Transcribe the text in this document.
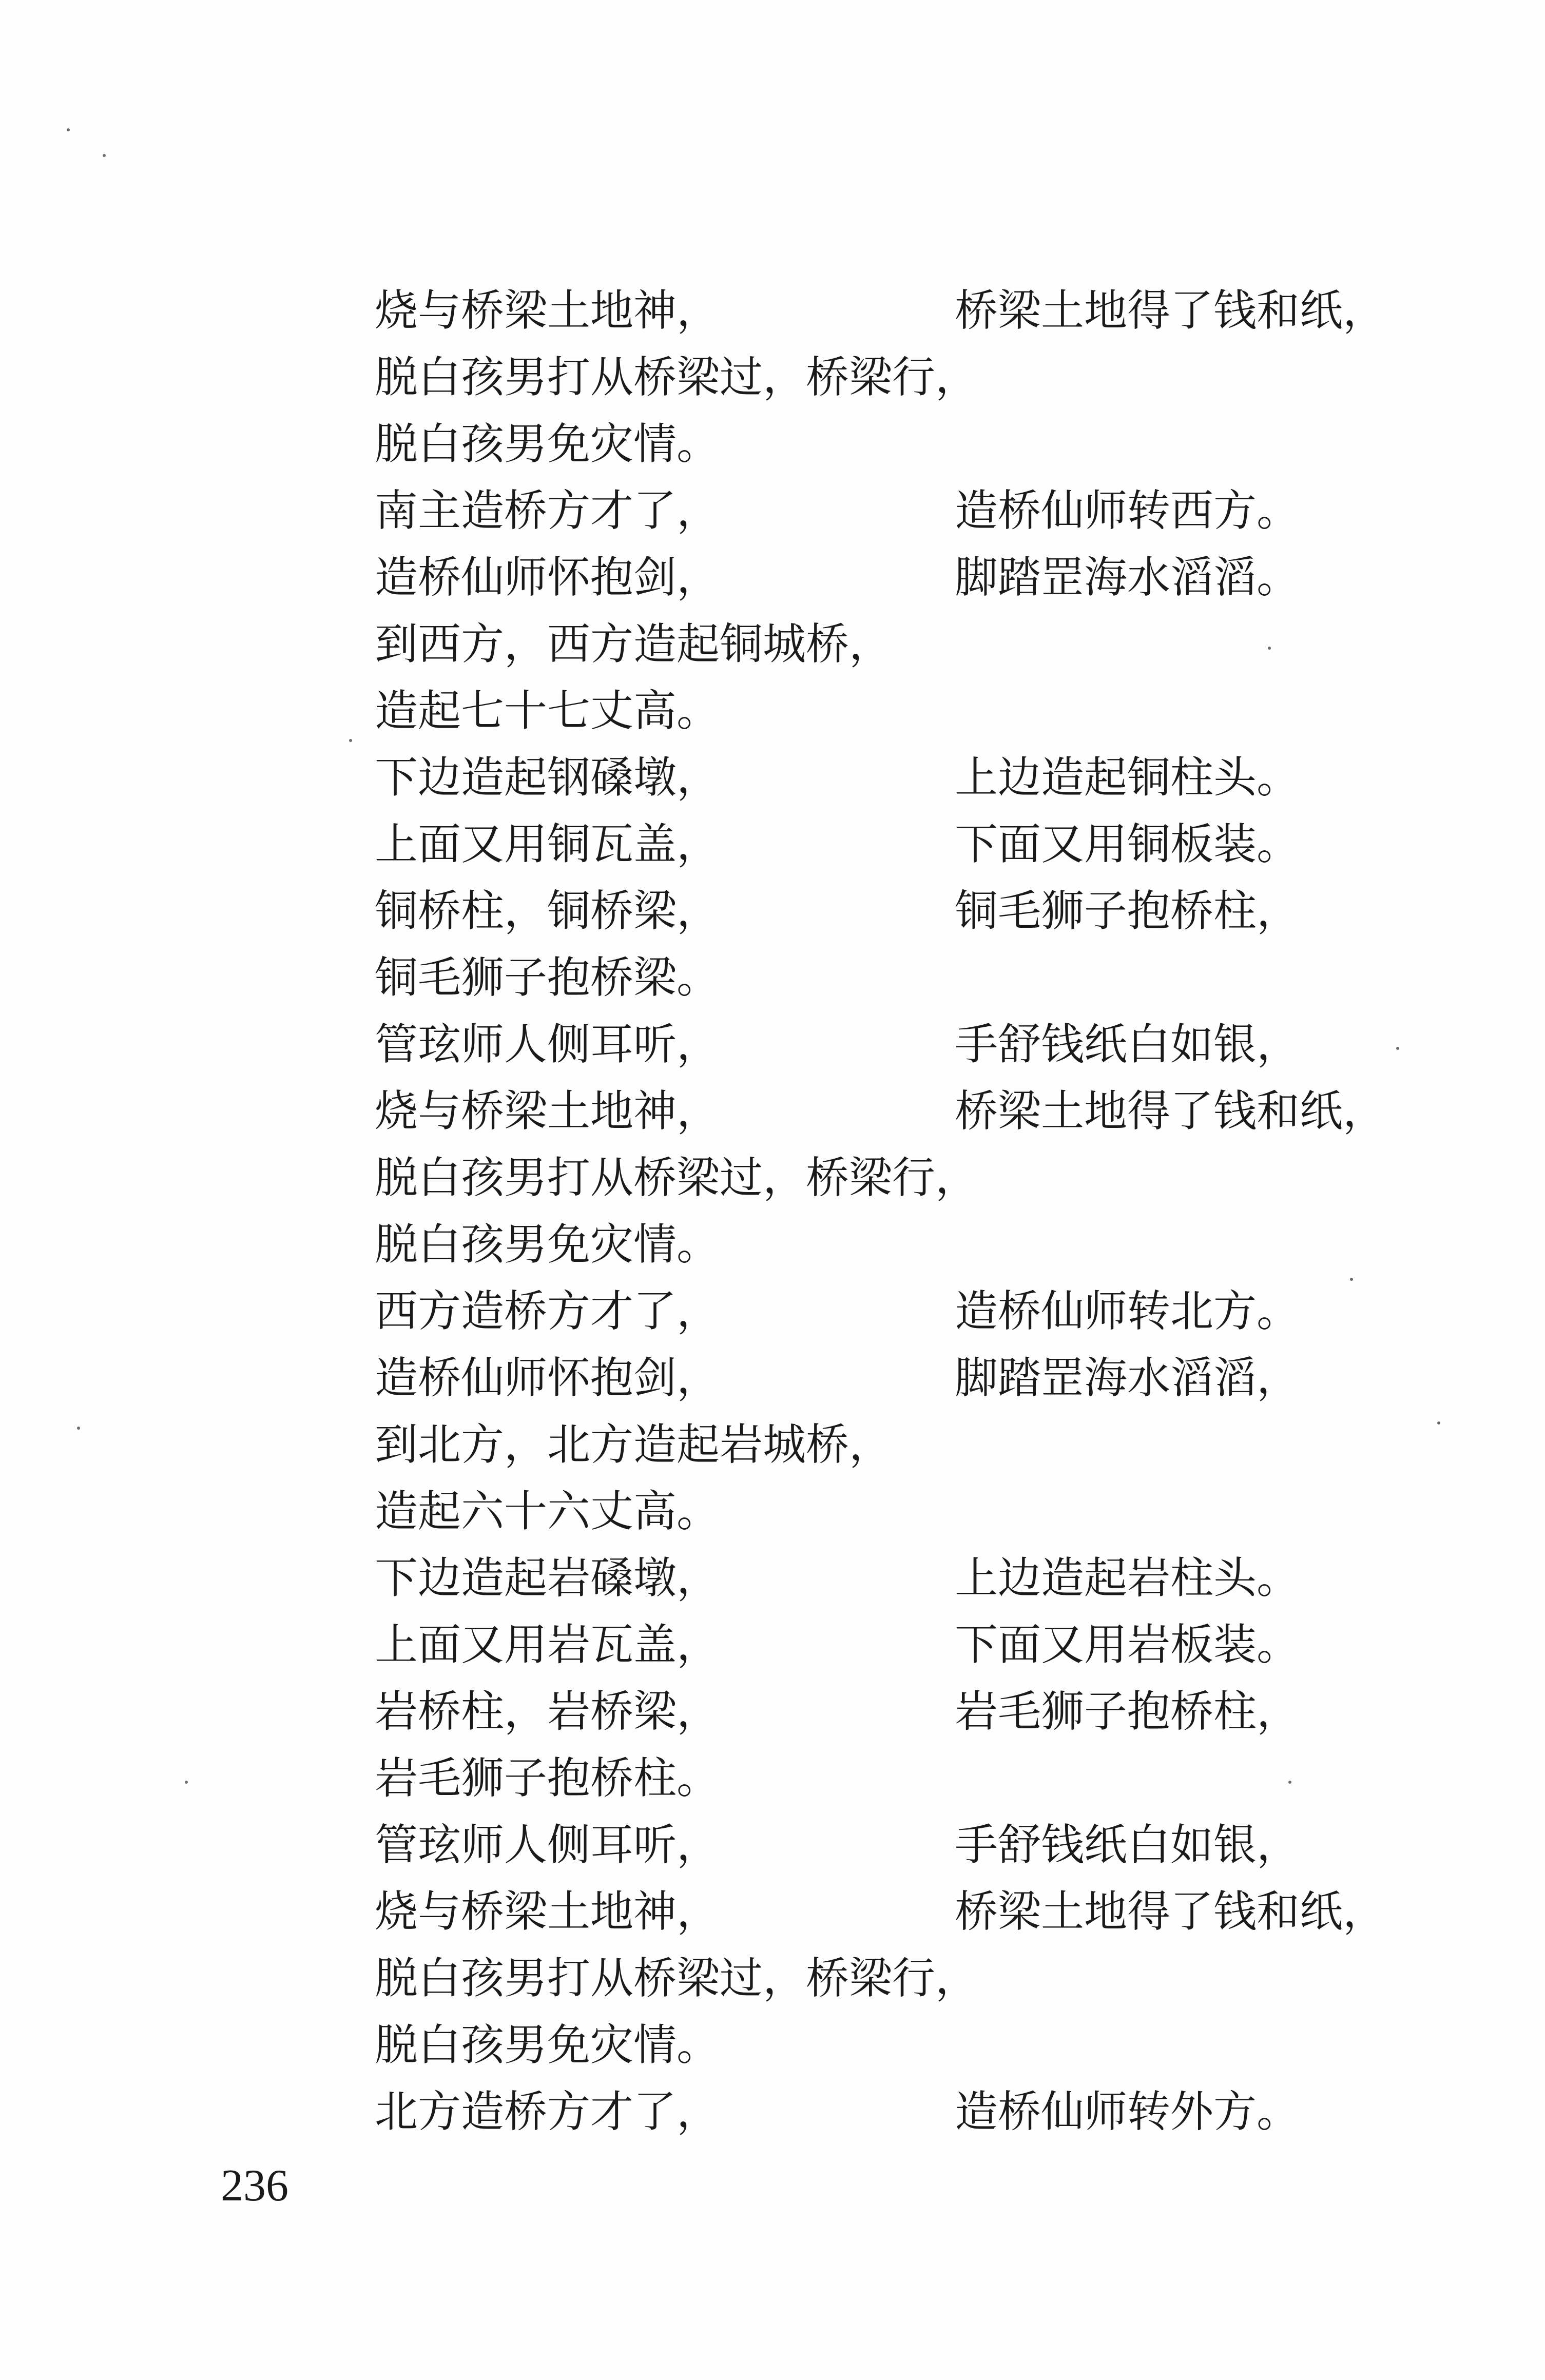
烧与桥梁土地神，	桥梁土地得了钱和纸，
脱白孩男打从桥梁过，桥梁行，
脱白孩男免灾情。
南主造桥方才了，	造桥仙师转西方。
造桥仙师怀抱剑，	脚踏罡海水滔滔。
到西方，西方造起铜城桥，
造起七十七丈高。
下边造起钢磉墩，	上边造起铜柱头。
上面又用铜瓦盖，	下面又用铜板装。
铜桥柱，铜桥梁，	铜毛狮子抱桥柱，
铜毛狮子抱桥梁。
管玹师人侧耳听，	手舒钱纸白如银，
烧与桥梁土地神，	桥梁土地得了钱和纸，
脱白孩男打从桥梁过，桥梁行，
脱白孩男免灾情。
西方造桥方才了，	造桥仙师转北方。
造桥仙师怀抱剑，	脚踏罡海水滔滔，
到北方，北方造起岩城桥，
造起六十六丈高。
下边造起岩磉墩，	上边造起岩柱头。
上面又用岩瓦盖，	下面又用岩板装。
岩桥柱，岩桥梁，	岩毛狮子抱桥柱，
岩毛狮子抱桥柱。
管玹师人侧耳听，	手舒钱纸白如银，
烧与桥梁土地神，	桥梁土地得了钱和纸，
脱白孩男打从桥梁过，桥梁行，
脱白孩男免灾情。
北方造桥方才了，	造桥仙师转外方。
236
